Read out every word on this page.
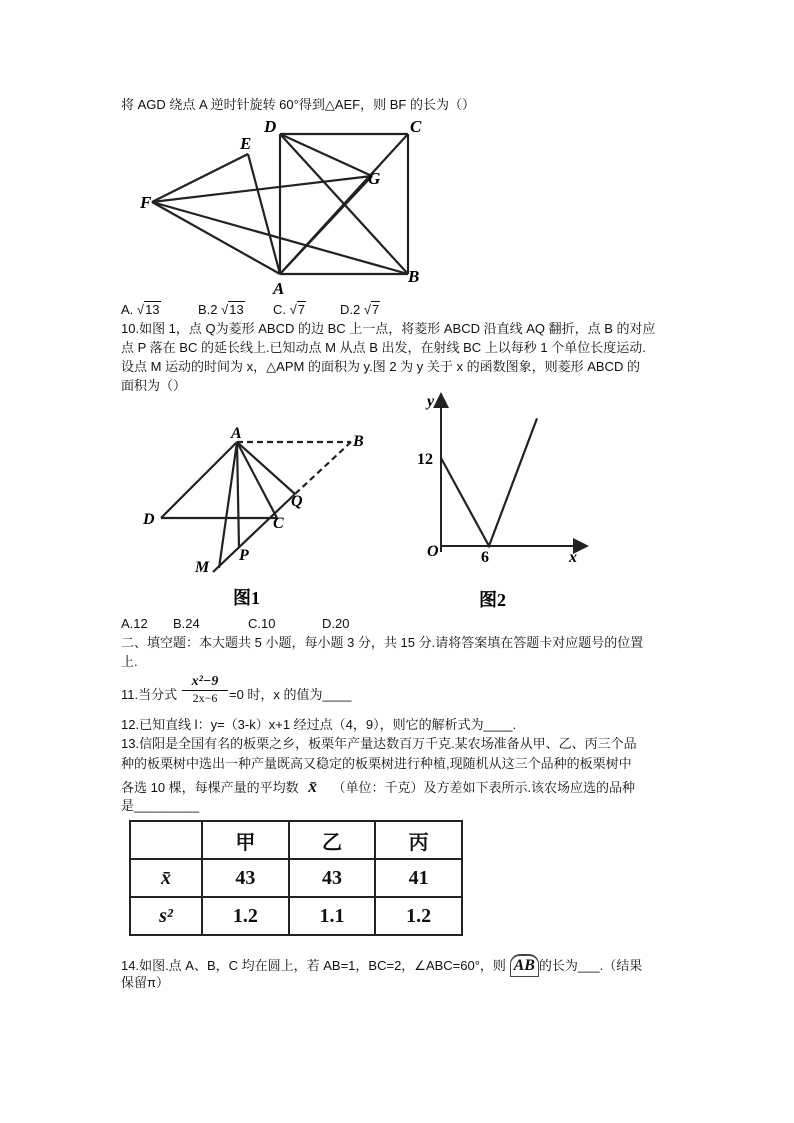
将 AGD 绕点 A 逆时针旋转 60°得到△AEF，则 BF 的长为（）
D	C
E
G
F
A
B
A. √13	B.2 √13 C. √7	D.2 √7
10.如图 1，点 Q为菱形 ABCD 的边 BC 上一点，将菱形 ABCD 沿直线 AQ 翻折，点 B 的对应
点 P 落在 BC 的延长线上.已知动点 M 从点 B 出发，在射线 BC 上以每秒 1 个单位长度运动.
设点 M 运动的时间为 x，△APM 的面积为 y.图 2 为 y 关于 x 的函数图象，则菱形 ABCD 的
面积为（）
A	B
Q
D	C
P
M
图1
y
x
O
12
6
图2
A.12 B.24	C.10	D.20
二、填空题：本大题共 5 小题，每小题 3 分，共 15 分.请将答案填在答题卡对应题号的位置
上.
11.当分式 $\frac{\text{x²−9}}{2x-6} =0$ 时，x 的值为____
12.已知直线 l：y=（3-k）x+1 经过点（4，9），则它的解析式为____.
13.信阳是全国有名的板栗之乡，板栗年产量达数百万千克.某农场准备从甲、乙、丙三个品
种的板栗树中选出一种产量既高又稳定的板栗树进行种植,现随机从这三个品种的板栗树中
各选 10 棵，每棵产量的平均数 x̄ （单位：千克）及方差如下表所示.该农场应选的品种
是_________
	甲	乙	丙
x̄	43	43	41
s²	1.2	1.1	1.2
14.如图.点 A、B，C 均在圆上，若 AB=1，BC=2，∠ABC=60°，则 AB 的长为___.（结果
保留π）
